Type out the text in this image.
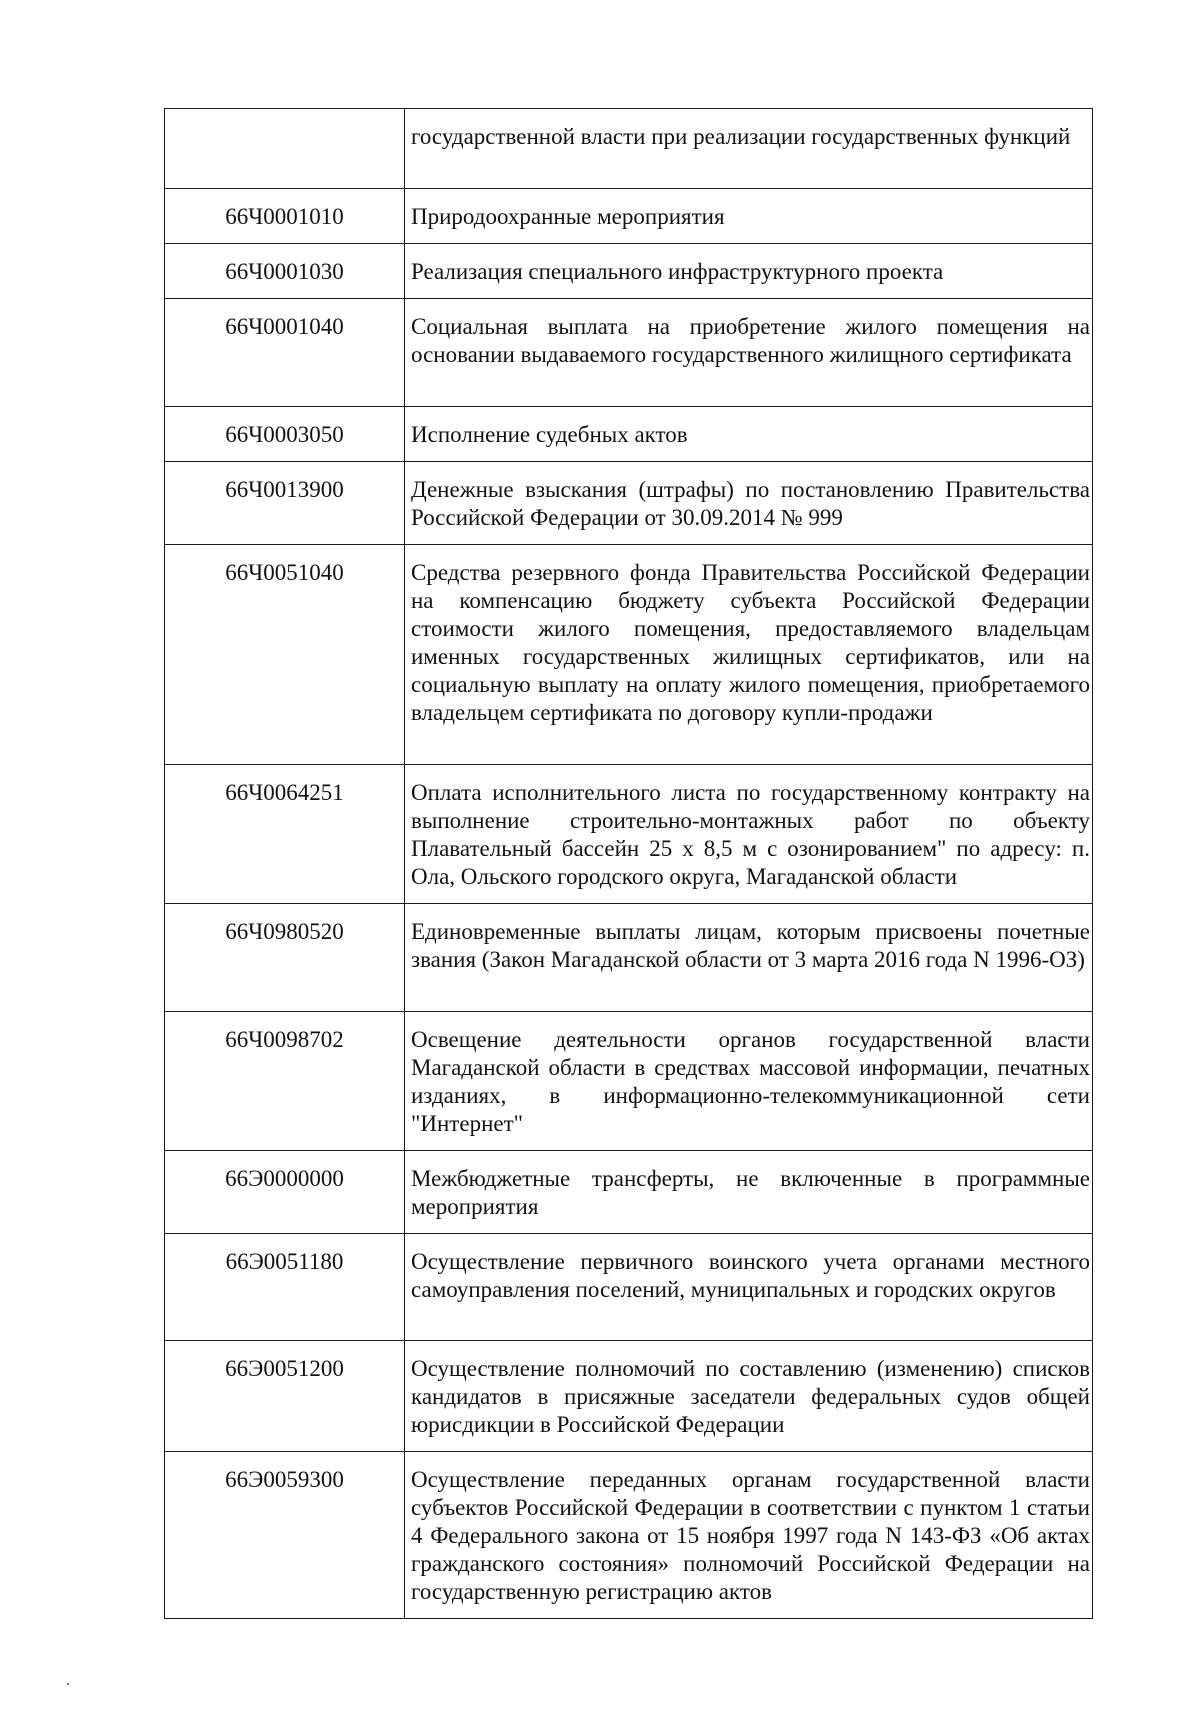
	государственной власти при реализации государственных функций
66Ч0001010	Природоохранные мероприятия
66Ч0001030	Реализация специального инфраструктурного проекта
66Ч0001040	Социальная выплата на приобретение жилого помещения на основании выдаваемого государственного жилищного сертификата
66Ч0003050	Исполнение судебных актов
66Ч0013900	Денежные взыскания (штрафы) по постановлению Правительства Российской Федерации от 30.09.2014 № 999
66Ч0051040	Средства резервного фонда Правительства Российской Федерации на компенсацию бюджету субъекта Российской Федерации стоимости жилого помещения, предоставляемого владельцам именных государственных жилищных сертификатов, или на социальную выплату на оплату жилого помещения, приобретаемого владельцем сертификата по договору купли-продажи
66Ч0064251	Оплата исполнительного листа по государственному контракту на выполнение строительно-монтажных работ по объекту Плавательный бассейн 25 х 8,5 м с озонированием" по адресу: п. Ола, Ольского городского округа, Магаданской области
66Ч0980520	Единовременные выплаты лицам, которым присвоены почетные звания (Закон Магаданской области от 3 марта 2016 года N 1996-ОЗ)
66Ч0098702	Освещение деятельности органов государственной власти Магаданской области в средствах массовой информации, печатных изданиях, в информационно-телекоммуникационной сети "Интернет"
66Э0000000	Межбюджетные трансферты, не включенные в программные мероприятия
66Э0051180	Осуществление первичного воинского учета органами местного самоуправления поселений, муниципальных и городских округов
66Э0051200	Осуществление полномочий по составлению (изменению) списков кандидатов в присяжные заседатели федеральных судов общей юрисдикции в Российской Федерации
66Э0059300	Осуществление переданных органам государственной власти субъектов Российской Федерации в соответствии с пунктом 1 статьи 4 Федерального закона от 15 ноября 1997 года N 143-ФЗ «Об актах гражданского состояния» полномочий Российской Федерации на государственную регистрацию актов
